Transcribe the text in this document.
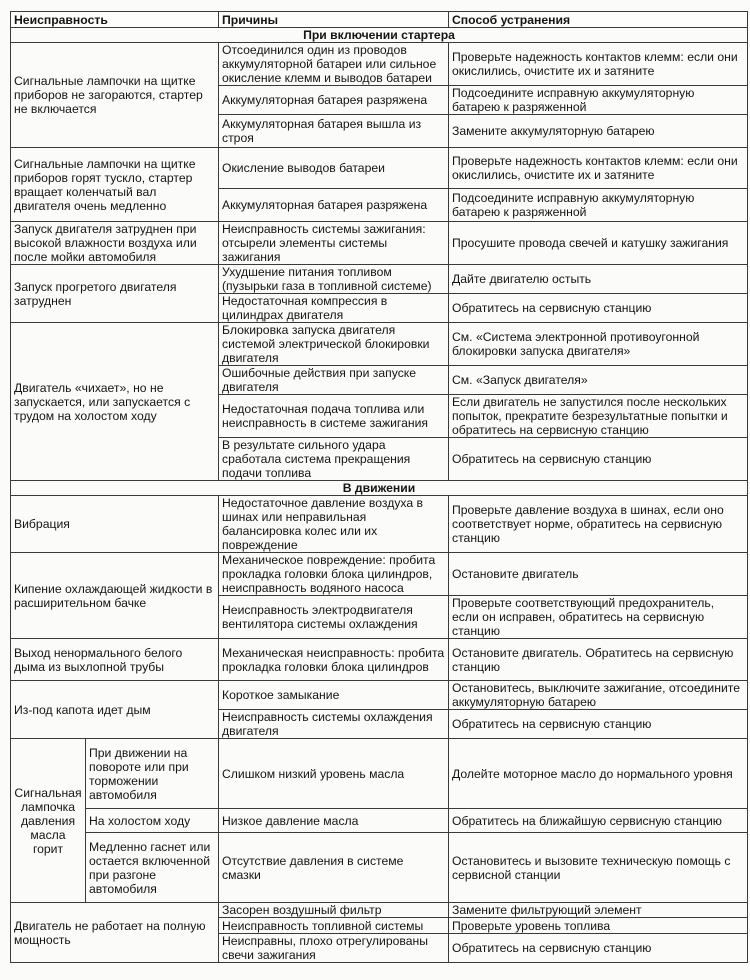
Неисправность		Причины	Способ устранения
При включении стартера			
Сигнальные лампочки на щитке приборов не загораются, стартер не включается		Отсоединился один из проводов аккумуляторной батареи или сильное окисление клемм и выводов батареи	Проверьте надежность контактов клемм: если они окислились, очистите их и затяните
		Аккумуляторная батарея разряжена	Подсоедините исправную аккумуляторную батарею к разряженной
		Аккумуляторная батарея вышла из строя	Замените аккумуляторную батарею
Сигнальные лампочки на щитке приборов горят тускло, стартер вращает коленчатый вал двигателя очень медленно		Окисление выводов батареи	Проверьте надежность контактов клемм: если они окислились, очистите их и затяните
		Аккумуляторная батарея разряжена	Подсоедините исправную аккумуляторную батарею к разряженной
Запуск двигателя затруднен при высокой влажности воздуха или после мойки автомобиля		Неисправность системы зажигания: отсырели элементы системы зажигания	Просушите провода свечей и катушку зажигания
Запуск прогретого двигателя затруднен		Ухудшение питания топливом (пузырьки газа в топливной системе)	Дайте двигателю остыть
		Недостаточная компрессия в цилиндрах двигателя	Обратитесь на сервисную станцию
Двигатель «чихает», но не запускается, или запускается с трудом на холостом ходу		Блокировка запуска двигателя системой электрической блокировки двигателя	См. «Система электронной противоугонной блокировки запуска двигателя»
		Ошибочные действия при запуске двигателя	См. «Запуск двигателя»
		Недостаточная подача топлива или неисправность в системе зажигания	Если двигатель не запустился после нескольких попыток, прекратите безрезультатные попытки и обратитесь на сервисную станцию
		В результате сильного удара сработала система прекращения подачи топлива	Обратитесь на сервисную станцию
В движении			
Вибрация		Недостаточное давление воздуха в шинах или неправильная балансировка колес или их повреждение	Проверьте давление воздуха в шинах, если оно соответствует норме, обратитесь на сервисную станцию
Кипение охлаждающей жидкости в расширительном бачке		Механическое повреждение: пробита прокладка головки блока цилиндров, неисправность водяного насоса	Остановите двигатель
		Неисправность электродвигателя вентилятора системы охлаждения	Проверьте соответствующий предохранитель, если он исправен, обратитесь на сервисную станцию
Выход ненормального белого дыма из выхлопной трубы		Механическая неисправность: пробита прокладка головки блока цилиндров	Остановите двигатель. Обратитесь на сервисную станцию
Из-под капота идет дым		Короткое замыкание	Остановитесь, выключите зажигание, отсоедините аккумуляторную батарею
		Неисправность системы охлаждения двигателя	Обратитесь на сервисную станцию
Сигнальная лампочка давления масла горит	При движении на повороте или при торможении автомобиля	Слишком низкий уровень масла	Долейте моторное масло до нормального уровня
	На холостом ходу	Низкое давление масла	Обратитесь на ближайшую сервисную станцию
	Медленно гаснет или остается включенной при разгоне автомобиля	Отсутствие давления в системе смазки	Остановитесь и вызовите техническую помощь с сервисной станции
Двигатель не работает на полную мощность		Засорен воздушный фильтр	Замените фильтрующий элемент
		Неисправность топливной системы	Проверьте уровень топлива
		Неисправны, плохо отрегулированы свечи зажигания	Обратитесь на сервисную станцию
